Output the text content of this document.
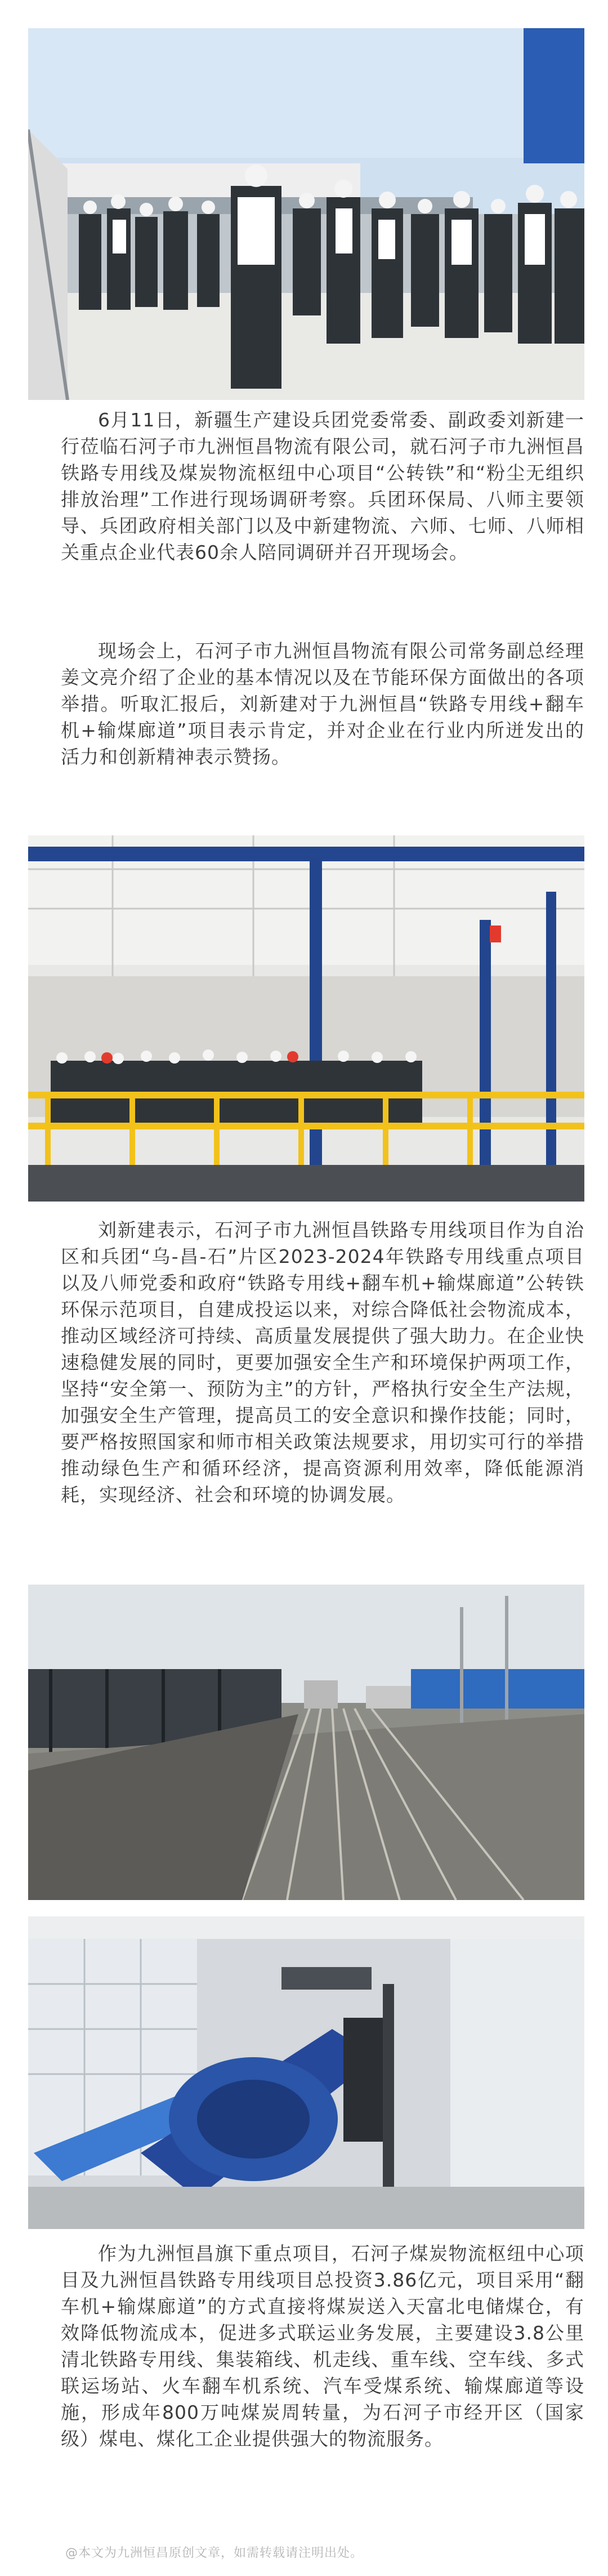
6月11日，新疆生产建设兵团党委常委、副政委刘新建一行莅临石河子市九洲恒昌物流有限公司，就石河子市九洲恒昌铁路专用线及煤炭物流枢纽中心项目“公转铁”和“粉尘无组织排放治理”工作进行现场调研考察。兵团环保局、八师主要领导、兵团政府相关部门以及中新建物流、六师、七师、八师相关重点企业代表60余人陪同调研并召开现场会。

现场会上，石河子市九洲恒昌物流有限公司常务副总经理姜文亮介绍了企业的基本情况以及在节能环保方面做出的各项举措。听取汇报后，刘新建对于九洲恒昌“铁路专用线+翻车机+输煤廊道”项目表示肯定，并对企业在行业内所迸发出的活力和创新精神表示赞扬。

刘新建表示，石河子市九洲恒昌铁路专用线项目作为自治区和兵团“乌-昌-石”片区2023-2024年铁路专用线重点项目以及八师党委和政府“铁路专用线+翻车机+输煤廊道”公转铁环保示范项目，自建成投运以来，对综合降低社会物流成本，推动区域经济可持续、高质量发展提供了强大助力。在企业快速稳健发展的同时，更要加强安全生产和环境保护两项工作，坚持“安全第一、预防为主”的方针，严格执行安全生产法规，加强安全生产管理，提高员工的安全意识和操作技能；同时，要严格按照国家和师市相关政策法规要求，用切实可行的举措推动绿色生产和循环经济，提高资源利用效率，降低能源消耗，实现经济、社会和环境的协调发展。

作为九洲恒昌旗下重点项目，石河子煤炭物流枢纽中心项目及九洲恒昌铁路专用线项目总投资3.86亿元，项目采用“翻车机+输煤廊道”的方式直接将煤炭送入天富北电储煤仓，有效降低物流成本，促进多式联运业务发展，主要建设3.8公里清北铁路专用线、集装箱线、机走线、重车线、空车线、多式联运场站、火车翻车机系统、汽车受煤系统、输煤廊道等设施，形成年800万吨煤炭周转量，为石河子市经开区（国家级）煤电、煤化工企业提供强大的物流服务。

@本文为九洲恒昌原创文章，如需转载请注明出处。
